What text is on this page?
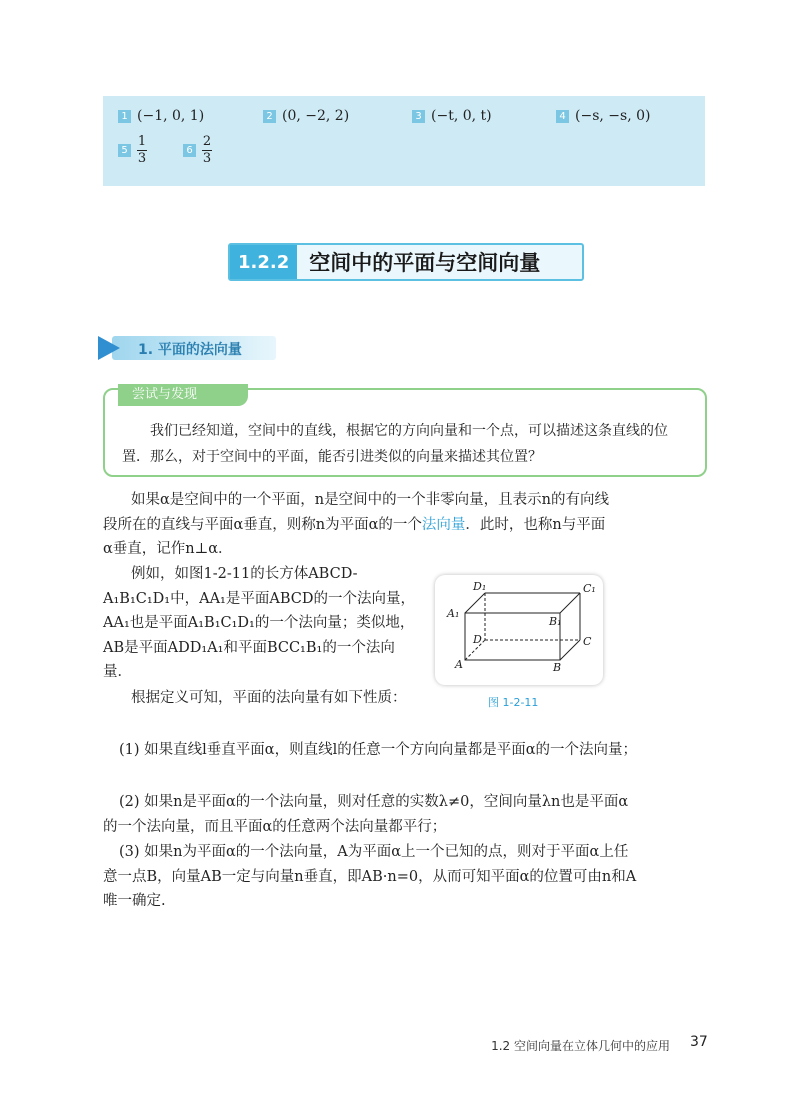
1 (−1, 0, 1)	2 (0, −2, 2)	3 (−t, 0, t)	4 (−s, −s, 0)
$5 \frac{1}{3}$	$6 \frac{2}{3}$
1.2.2 空间中的平面与空间向量
1. 平面的法向量
尝试与发现
我们已经知道，空间中的直线，根据它的方向向量和一个点，可以描述这条直线的位置．那么，对于空间中的平面，能否引进类似的向量来描述其位置？
如果α是空间中的一个平面，n是空间中的一个非零向量，且表示n的有向线段所在的直线与平面α垂直，则称n为平面α的一个法向量．此时，也称n与平面α垂直，记作n⊥α．
例如，如图1-2-11的长方体ABCD-A₁B₁C₁D₁中，AA₁是平面ABCD的一个法向量，AA₁也是平面A₁B₁C₁D₁的一个法向量；类似地，AB是平面ADD₁A₁和平面BCC₁B₁的一个法向量．
根据定义可知，平面的法向量有如下性质：
(1) 如果直线l垂直平面α，则直线l的任意一个方向向量都是平面α的一个法向量；
(2) 如果n是平面α的一个法向量，则对任意的实数λ≠0，空间向量λn也是平面α的一个法向量，而且平面α的任意两个法向量都平行；
(3) 如果n为平面α的一个法向量，A为平面α上一个已知的点，则对于平面α上任意一点B，向量AB一定与向量n垂直，即AB·n=0，从而可知平面α的位置可由n和A唯一确定.
D₁	C₁
A₁
B₁
D	C
A	B
图 1-2-11
1.2 空间向量在立体几何中的应用 37
